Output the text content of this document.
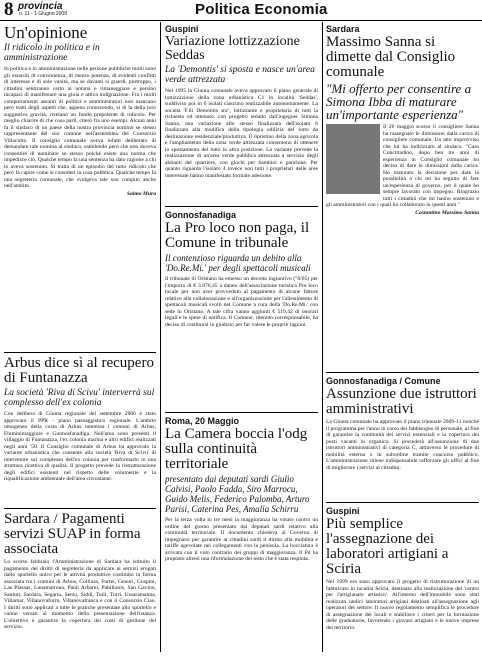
8 provincia
n. 11 - 1 Giugno 2009	Politica Economia
Un'opinione
Il ridicolo in politica e in amministrazione

In politica e in amministrazione nelle persone pubbliche molti sono gli ostacoli di convenienza, di mezzo potenza, di evidenti conflitti di interesse e di sole vanità, ma se davanti si guardi, purtroppo, i cittadini sentiranno certo ai notarsi e rimaneggiare e persino incapaci di manifestare una gioia e attiva indignazione. Fra i molti comportamenti assunti di politici e amministratori non mancano però tratti degli aspetti che, appena conoscendo, si di la della loro suggestiva gravità, rivelano un fondo prepotente di ridicolo. Per meglio chiarire di che cosa parli, citerò fra uno esempi. Alcuni anni fa il sindaco di un paese della nostra provincia nominò se stesso rappresentante del suo comune nell'assemblea del Consorzio Villacidro. Il consiglio comunale aveva infatti deliberato di demandare tale nomina al sindaco, stabilendo però che non doveva consentire di nominare se stesso poiché esiste una norma che impedisce ciò. Qualche tempo fa una sentenza ha dato ragione a chi lo aveva sostenuto. Si tratta di un episodio del tutto ridicolo che però fa capire come si consideri la cosa pubblica. Qualche tempo fa una segreteria comunale, che svolgeva tale suo compito anche nell'ambito.

Saimo Mura
Arbus dice sì al recupero di Funtanazza
La società 'Riva di Scivu' interverrà sul complesso dell'ex colonia

Con delibera di Giunta regionale del settembre 2006 è stato approvato il PPR - piano paesaggistico regionale. L'ambito omogeneo della costa di Arbus interessa i comuni di Arbus, Fluminimaggiore e Gonnosfanadiga. Nell'area sono presenti il villaggio di Funtanazza, l'ex colonia marina e altri edifici realizzati negli anni '50. Il Consiglio comunale di Arbus ha approvato la variante urbanistica che consente alla società 'Riva di Scivu' di intervenire sul complesso dell'ex colonia per trasformarlo in una struttura ricettiva di qualità. Il progetto prevede la ristrutturazione degli edifici esistenti nel rispetto delle volumetrie e la riqualificazione ambientale dell'area circostante.

Sardara / Pagamenti servizi SUAP in forma associata

Lo scorso febbraio l'Amministrazione di Sardara ha istituito il pagamento dei diritti di segreteria da applicare ai servizi erogati dallo sportello unico per le attività produttive costituito in forma associata tra i comuni di Arbus, Collinas, Furtei, Genuri, Guspini, Las Plassas, Lunamatrona, Pauli Arbarei, Pabillonis, San Gavino, Sanluri, Sardara, Segariu, Setzu, Siddi, Tuili, Turri, Ussaramanna, Villamar, Villanovaforru, Villanovafranca e con il Consorzio Ciao. I diritti sono applicati a tutte le pratiche presentate allo sportello e vanno versati al momento della presentazione dell'istanza. L'obiettivo è garantire la copertura dei costi di gestione del servizio.

Guspini
Variazione lottizzazione Seddas
La 'Demontis' si sposta e nasce un'area verde attrezzata

Nel 1995 la Giunta comunale aveva approvato il piano generale di lottizzazione della zona urbanistica C1 in località 'Seddas', suddiviso poi in 6 isolati ciascuno realizzabile autonomamente. La società 'F.lli Demontis snc', lottizzante e proprietaria di tutti la richiesto ed ottenuto, con progetto redatto dall'ingegner Simona Sanna, una variazione allo stesso finalizzata dell'isolato 6 finalizzata alla modifica della tipologia edilizia del lotto da destinazione residenziale/produttiva. Il ripristino della zona agricola e l'ampliamento della zona verde attrezzata consentono di ottenere lo spostamento del lotto in altra posizione. La variante prevede la realizzazione di un'area verde pubblica attrezzata a servizio degli abitanti del quartiere, con giochi per bambini e panchine. Per quanto riguarda l'isolato 4 invece non tutti i proprietari delle aree interessate hanno manifestato formale adesione.

Gonnosfanadiga
La Pro loco non paga, il Comune in tribunale
Il contenzioso riguarda un debito alla 'Do.Re.Mi.' per degli spettacoli musicali

Il tribunale di Oristano ha emesso un decreto ingiuntivo ("8/05) per l'importo di € 3.876,45 a danno dell'associazione turistica Pro loco locale per non aver provveduto al pagamento di alcune fatture relative alla collaborazione e all'organizzazione per l'allestimento di spettacoli musicali svolti nel Comune a cura della 'Do.Re.Mi.' con sede in Oristano. A tale cifra vanno aggiunti € 519,42 di onorari legali e le spese di notifica. Il Comune, ritenuto corresponsabile, ha deciso di costituirsi in giudizio per far valere le proprie ragioni.

Roma, 20 Maggio
La Camera boccia l'odg sulla continuità territoriale
presentato dai deputati sardi Giulio Calvisi, Paolo Fadda, Siro Marrocu, Guido Melis, Federico Palomba, Arturo Parisi, Caterina Pes, Amalia Schirru

Per la terza volta in tre mesi la maggioranza ha votato contro un ordine del giorno presentato dai deputati sardi relativo alla continuità territoriale. Il documento chiedeva al Governo di impegnarsi per garantire ai cittadini sardi il diritto alla mobilità e tariffe agevolate nei collegamenti con la penisola. La bocciatura è arrivata con il voto contrario dei gruppi di maggioranza. Il Pd ha proposto altresì una riformulazione del testo che è stata respinta.

Sardara
Massimo Sanna si dimette dal Consiglio comunale
"Mi offerto per consentire a Simona Ibba di maturare un'importante esperienza"

Il 26 maggio scorso il consigliere Sanna ha rassegnato le dimissioni dalla carica di consigliere comunale. Un atto improvviso che lui ha indirizzato al sindaco. "Caro Concittadino, dopo ben tre anni di esperienza in Consiglio comunale ho deciso di dare le dimissioni dalla carica. Ho maturato la decisione per dare la possibilità a chi mi ha seguito di fare un'esperienza di governo, per il quale ho sempre lavorato con impegno. Ringrazio tutti i cittadini che mi hanno sostenuto e gli amministratori con i quali ho collaborato in questi anni."

Costantino Massimo Sanna
Gonnosfanadiga / Comune
Assunzione due istruttori amministrativi

La Giunta comunale ha approvato il piano triennale 2009-11 nonché il programma per l'anno in corso del fabbisogno di personale, al fine di garantire la continuità dei servizi essenziali e la copertura dei posti vacanti in organico. Si procederà all'assunzione di due istruttori amministrativi di categoria C, attraverso le procedure di mobilità esterna o in subordine tramite concorso pubblico. L'amministrazione ritiene indispensabile rafforzare gli uffici al fine di migliorare i servizi ai cittadini.

Guspini
Più semplice l'assegnazione dei laboratori artigiani a Sciria

Nel 1999 era stato approvato il progetto di ristrutturazione di un fabbricato in località Sciria, destinato alla realizzazione del 'centro per l'artigianato artistico'. All'interno dell'immobile sono stati realizzati undici laboratori artigiani destinati all'assegnazione agli operatori del settore. Il nuovo regolamento semplifica le procedure di assegnazione dei locali e stabilisce i criteri per la formazione delle graduatorie, favorendo i giovani artigiani e le nuove imprese del territorio.
